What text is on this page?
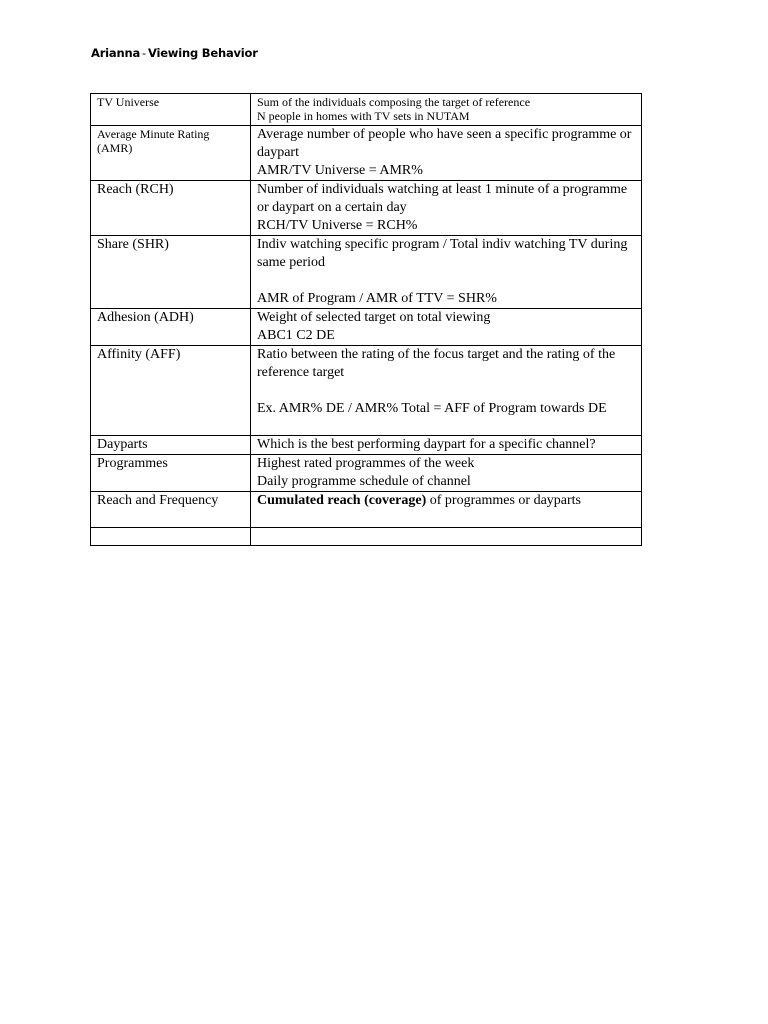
Arianna - Viewing Behavior
TV Universe	Sum of the individuals composing the target of reference
N people in homes with TV sets in NUTAM

Average Minute Rating (AMR)	Average number of people who have seen a specific programme or daypart
AMR/TV Universe = AMR%

Reach (RCH)	Number of individuals watching at least 1 minute of a programme or daypart on a certain day
RCH/TV Universe = RCH%

Share (SHR)	Indiv watching specific program / Total indiv watching TV during same period
AMR of Program / AMR of TTV = SHR%

Adhesion (ADH)	Weight of selected target on total viewing
ABC1 C2 DE

Affinity (AFF)	Ratio between the rating of the focus target and the rating of the reference target
Ex. AMR% DE / AMR% Total = AFF of Program towards DE

Dayparts	Which is the best performing daypart for a specific channel?

Programmes	Highest rated programmes of the week
Daily programme schedule of channel

Reach and Frequency	Cumulated reach (coverage) of programmes or dayparts
